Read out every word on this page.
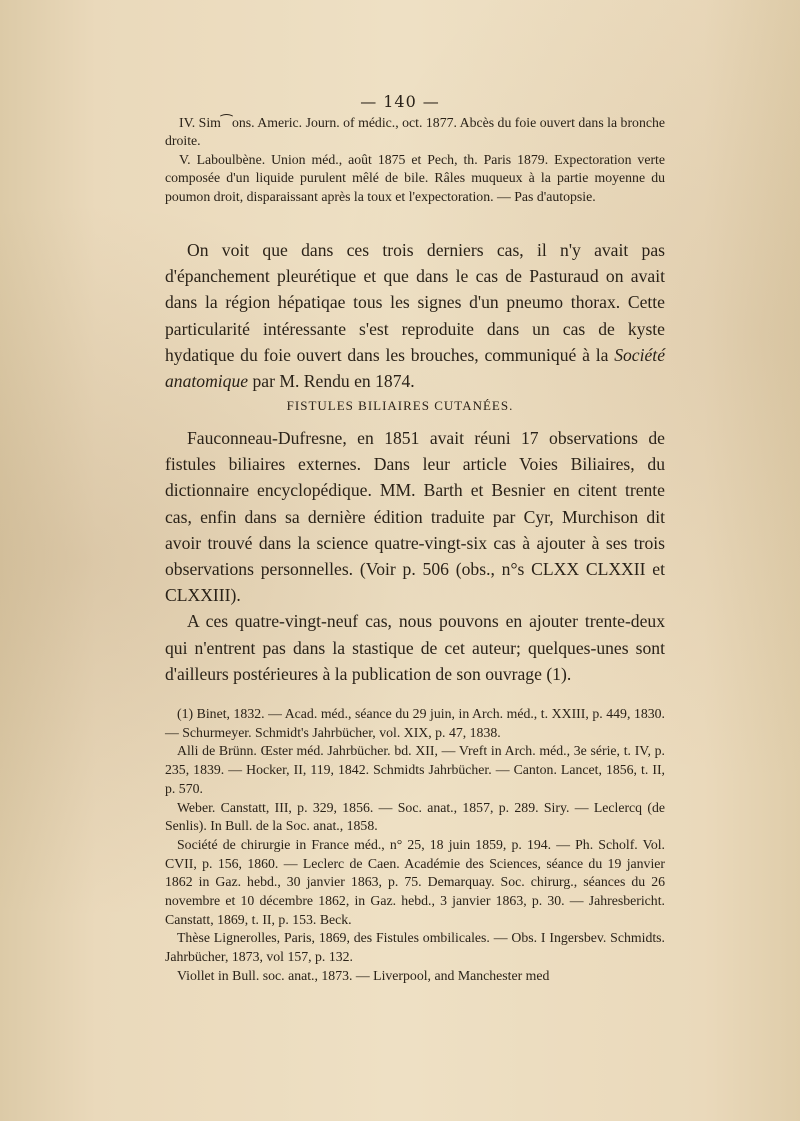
— 140 —

IV. Sim⁀ons. Americ. Journ. of médic., oct. 1877. Abcès du foie ouvert dans la bronche droite.

V. Laboulbène. Union méd., août 1875 et Pech, th. Paris 1879. Expectoration verte composée d'un liquide purulent mêlé de bile. Râles muqueux à la partie moyenne du poumon droit, disparaissant après la toux et l'expectoration. — Pas d'autopsie.

On voit que dans ces trois derniers cas, il n'y avait pas d'épanchement pleurétique et que dans le cas de Pasturaud on avait dans la région hépatiqae tous les signes d'un pneumo thorax. Cette particularité intéressante s'est reproduite dans un cas de kyste hydatique du foie ouvert dans les brouches, communiqué à la Société anatomique par M. Rendu en 1874.

FISTULES BILIAIRES CUTANÉES.

Fauconneau-Dufresne, en 1851 avait réuni 17 observations de fistules biliaires externes. Dans leur article Voies Biliaires, du dictionnaire encyclopédique. MM. Barth et Besnier en citent trente cas, enfin dans sa dernière édition traduite par Cyr, Murchison dit avoir trouvé dans la science quatre-vingt-six cas à ajouter à ses trois observations personnelles. (Voir p. 506 (obs., n°s CLXX CLXXII et CLXXIII).

A ces quatre-vingt-neuf cas, nous pouvons en ajouter trente-deux qui n'entrent pas dans la stastique de cet auteur; quelques-unes sont d'ailleurs postérieures à la publication de son ouvrage (1).

(1) Binet, 1832. — Acad. méd., séance du 29 juin, in Arch. méd., t. XXIII, p. 449, 1830. — Schurmeyer. Schmidt's Jahrbücher, vol. XIX, p. 47, 1838.

Alli de Brünn. Œster méd. Jahrbücher. bd. XII, — Vreft in Arch. méd., 3e série, t. IV, p. 235, 1839. — Hocker, II, 119, 1842. Schmidts Jahrbücher. — Canton. Lancet, 1856, t. II, p. 570.

Weber. Canstatt, III, p. 329, 1856. — Soc. anat., 1857, p. 289. Siry. — Leclercq (de Senlis). In Bull. de la Soc. anat., 1858.

Société de chirurgie in France méd., n° 25, 18 juin 1859, p. 194. — Ph. Scholf. Vol. CVII, p. 156, 1860. — Leclerc de Caen. Académie des Sciences, séance du 19 janvier 1862 in Gaz. hebd., 30 janvier 1863, p. 75. Demarquay. Soc. chirurg., séances du 26 novembre et 10 décembre 1862, in Gaz. hebd., 3 janvier 1863, p. 30. — Jahresbericht. Canstatt, 1869, t. II, p. 153. Beck.

Thèse Lignerolles, Paris, 1869, des Fistules ombilicales. — Obs. I Ingersbev. Schmidts. Jahrbücher, 1873, vol 157, p. 132.

Viollet in Bull. soc. anat., 1873. — Liverpool, and Manchester med
